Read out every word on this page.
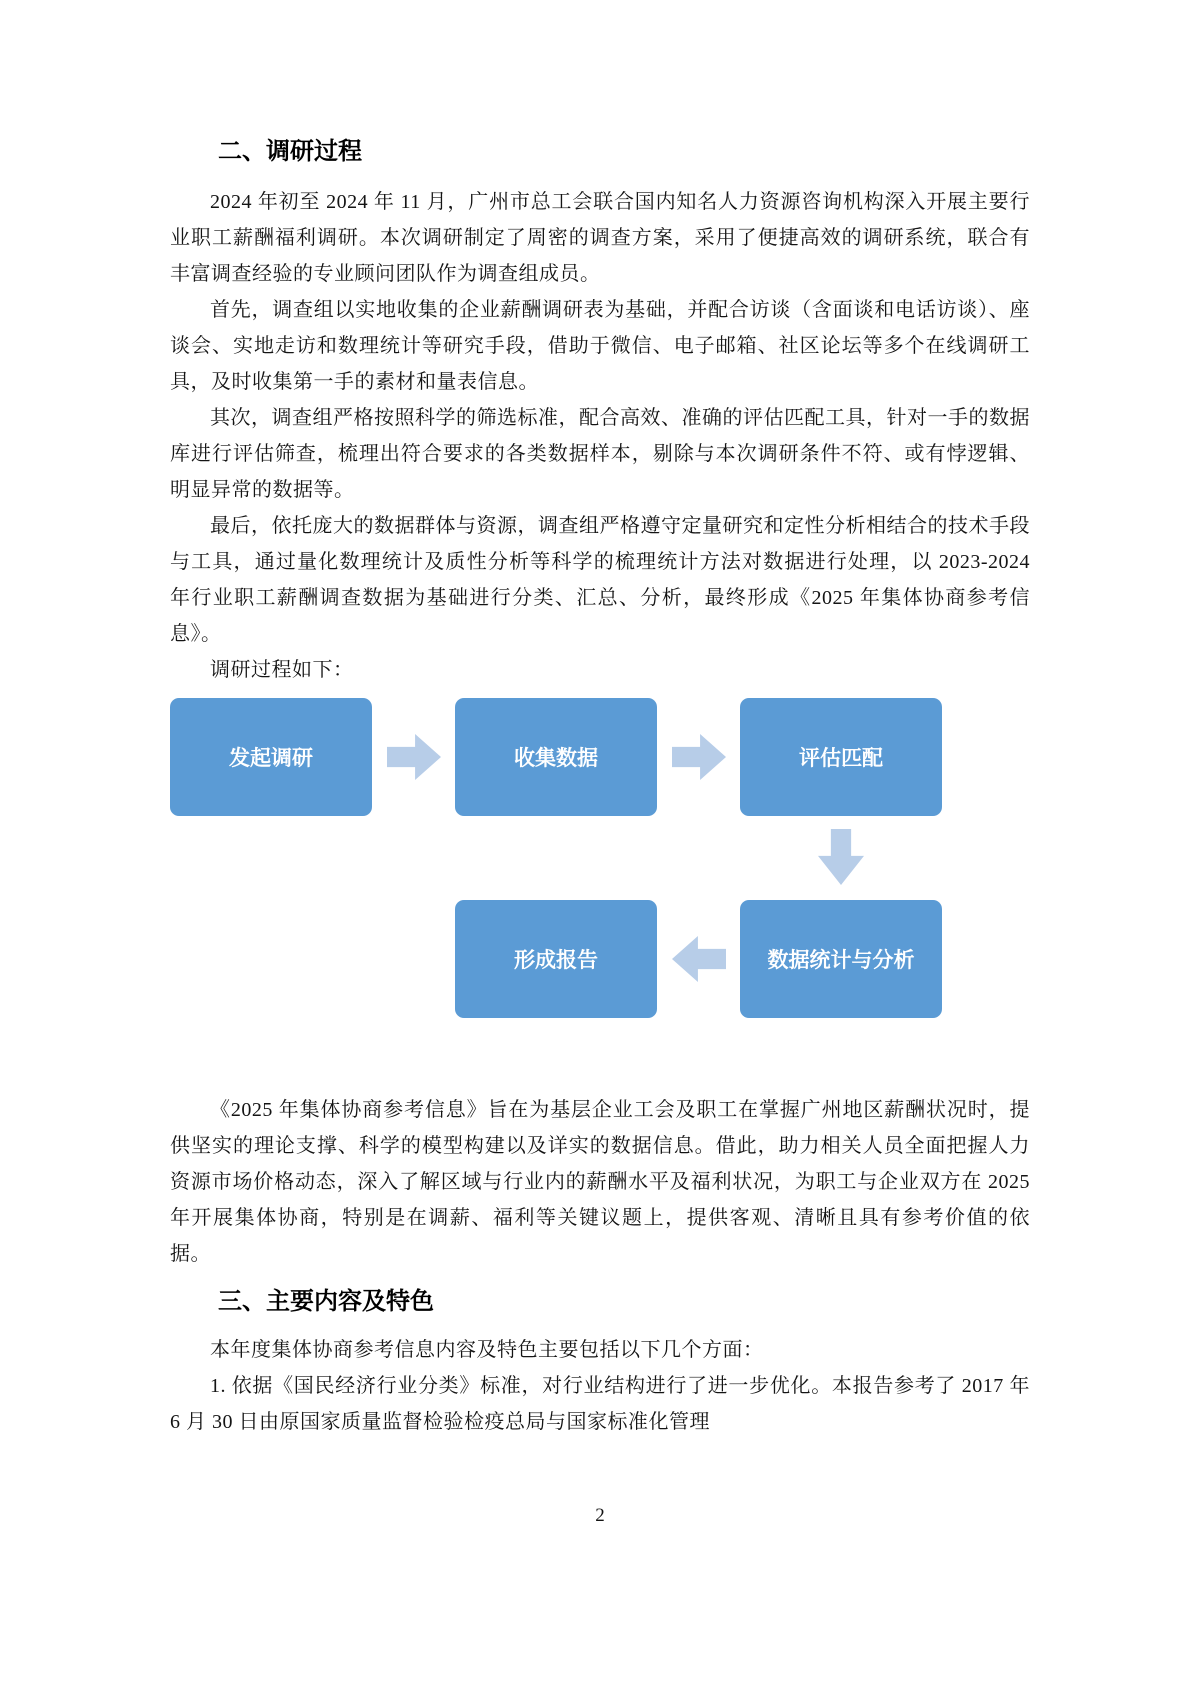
二、调研过程

2024 年初至 2024 年 11 月，广州市总工会联合国内知名人力资源咨询机构深入开展主要行业职工薪酬福利调研。本次调研制定了周密的调查方案，采用了便捷高效的调研系统，联合有丰富调查经验的专业顾问团队作为调查组成员。

首先，调查组以实地收集的企业薪酬调研表为基础，并配合访谈（含面谈和电话访谈）、座谈会、实地走访和数理统计等研究手段，借助于微信、电子邮箱、社区论坛等多个在线调研工具，及时收集第一手的素材和量表信息。

其次，调查组严格按照科学的筛选标准，配合高效、准确的评估匹配工具，针对一手的数据库进行评估筛查，梳理出符合要求的各类数据样本，剔除与本次调研条件不符、或有悖逻辑、明显异常的数据等。

最后，依托庞大的数据群体与资源，调查组严格遵守定量研究和定性分析相结合的技术手段与工具，通过量化数理统计及质性分析等科学的梳理统计方法对数据进行处理，以 2023-2024 年行业职工薪酬调查数据为基础进行分类、汇总、分析，最终形成《2025 年集体协商参考信息》。

调研过程如下：

发起调研	收集数据	评估匹配
数据统计与分析
形成报告

《2025 年集体协商参考信息》旨在为基层企业工会及职工在掌握广州地区薪酬状况时，提供坚实的理论支撑、科学的模型构建以及详实的数据信息。借此，助力相关人员全面把握人力资源市场价格动态，深入了解区域与行业内的薪酬水平及福利状况，为职工与企业双方在 2025 年开展集体协商，特别是在调薪、福利等关键议题上，提供客观、清晰且具有参考价值的依据。

三、主要内容及特色

本年度集体协商参考信息内容及特色主要包括以下几个方面：

1. 依据《国民经济行业分类》标准，对行业结构进行了进一步优化。本报告参考了 2017 年 6 月 30 日由原国家质量监督检验检疫总局与国家标准化管理

2
